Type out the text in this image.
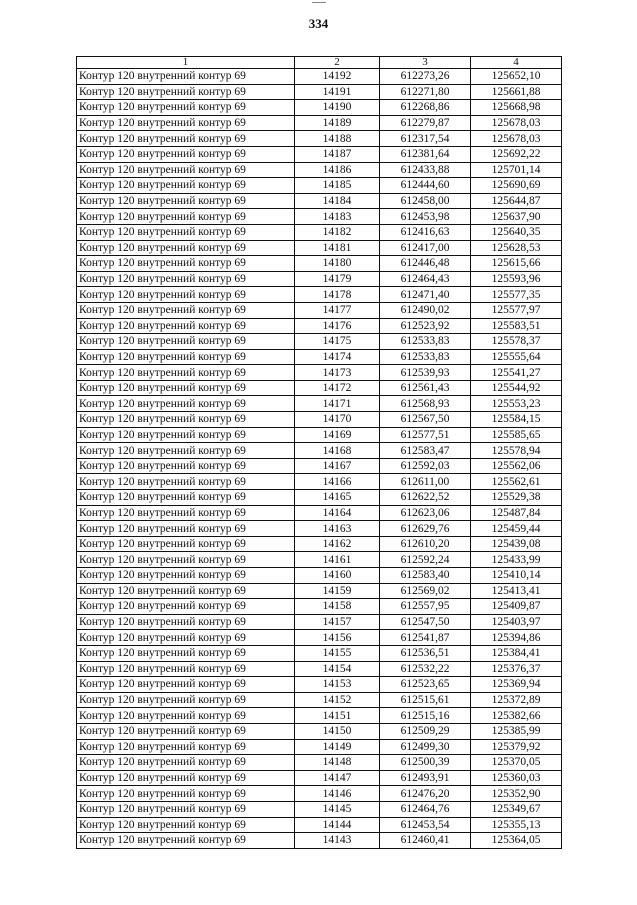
334
1	2	3	4
Контур 120 внутренний контур 69	14192	612273,26	125652,10
Контур 120 внутренний контур 69	14191	612271,80	125661,88
Контур 120 внутренний контур 69	14190	612268,86	125668,98
Контур 120 внутренний контур 69	14189	612279,87	125678,03
Контур 120 внутренний контур 69	14188	612317,54	125678,03
Контур 120 внутренний контур 69	14187	612381,64	125692,22
Контур 120 внутренний контур 69	14186	612433,88	125701,14
Контур 120 внутренний контур 69	14185	612444,60	125690,69
Контур 120 внутренний контур 69	14184	612458,00	125644,87
Контур 120 внутренний контур 69	14183	612453,98	125637,90
Контур 120 внутренний контур 69	14182	612416,63	125640,35
Контур 120 внутренний контур 69	14181	612417,00	125628,53
Контур 120 внутренний контур 69	14180	612446,48	125615,66
Контур 120 внутренний контур 69	14179	612464,43	125593,96
Контур 120 внутренний контур 69	14178	612471,40	125577,35
Контур 120 внутренний контур 69	14177	612490,02	125577,97
Контур 120 внутренний контур 69	14176	612523,92	125583,51
Контур 120 внутренний контур 69	14175	612533,83	125578,37
Контур 120 внутренний контур 69	14174	612533,83	125555,64
Контур 120 внутренний контур 69	14173	612539,93	125541,27
Контур 120 внутренний контур 69	14172	612561,43	125544,92
Контур 120 внутренний контур 69	14171	612568,93	125553,23
Контур 120 внутренний контур 69	14170	612567,50	125584,15
Контур 120 внутренний контур 69	14169	612577,51	125585,65
Контур 120 внутренний контур 69	14168	612583,47	125578,94
Контур 120 внутренний контур 69	14167	612592,03	125562,06
Контур 120 внутренний контур 69	14166	612611,00	125562,61
Контур 120 внутренний контур 69	14165	612622,52	125529,38
Контур 120 внутренний контур 69	14164	612623,06	125487,84
Контур 120 внутренний контур 69	14163	612629,76	125459,44
Контур 120 внутренний контур 69	14162	612610,20	125439,08
Контур 120 внутренний контур 69	14161	612592,24	125433,99
Контур 120 внутренний контур 69	14160	612583,40	125410,14
Контур 120 внутренний контур 69	14159	612569,02	125413,41
Контур 120 внутренний контур 69	14158	612557,95	125409,87
Контур 120 внутренний контур 69	14157	612547,50	125403,97
Контур 120 внутренний контур 69	14156	612541,87	125394,86
Контур 120 внутренний контур 69	14155	612536,51	125384,41
Контур 120 внутренний контур 69	14154	612532,22	125376,37
Контур 120 внутренний контур 69	14153	612523,65	125369,94
Контур 120 внутренний контур 69	14152	612515,61	125372,89
Контур 120 внутренний контур 69	14151	612515,16	125382,66
Контур 120 внутренний контур 69	14150	612509,29	125385,99
Контур 120 внутренний контур 69	14149	612499,30	125379,92
Контур 120 внутренний контур 69	14148	612500,39	125370,05
Контур 120 внутренний контур 69	14147	612493,91	125360,03
Контур 120 внутренний контур 69	14146	612476,20	125352,90
Контур 120 внутренний контур 69	14145	612464,76	125349,67
Контур 120 внутренний контур 69	14144	612453,54	125355,13
Контур 120 внутренний контур 69	14143	612460,41	125364,05
